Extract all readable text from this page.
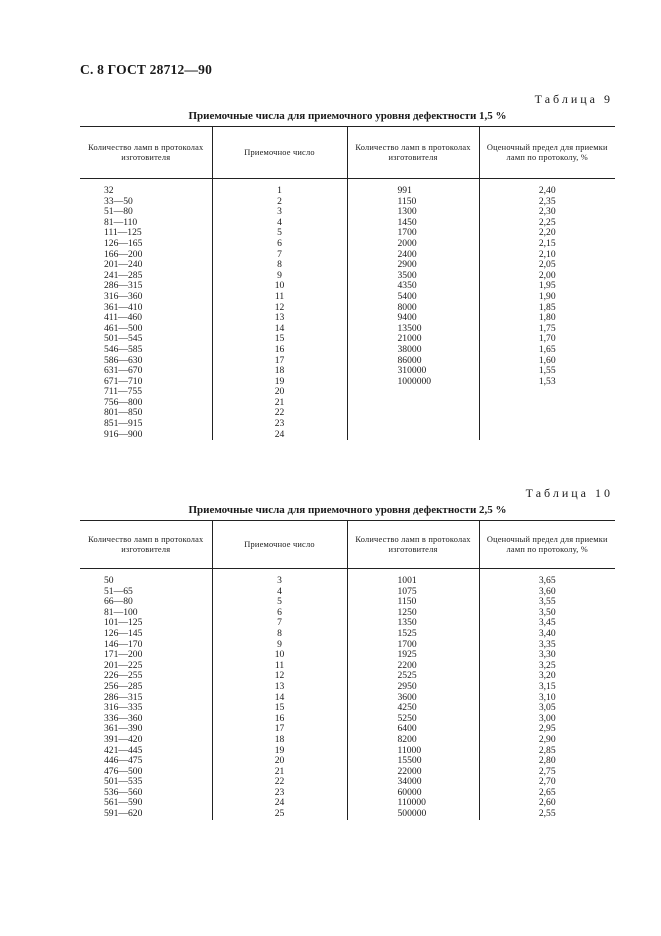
С. 8 ГОСТ 28712—90
Таблица 9
Приемочные числа для приемочного уровня дефектности 1,5 %
Количество ламп в протоколах изготовителя	Приемочное число	Количество ламп в протоколах изготовителя	Оценочный предел для приемки ламп по протоколу, %
32	1	991	2,40
33—50	2	1150	2,35
51—80	3	1300	2,30
81—110	4	1450	2,25
111—125	5	1700	2,20
126—165	6	2000	2,15
166—200	7	2400	2,10
201—240	8	2900	2,05
241—285	9	3500	2,00
286—315	10	4350	1,95
316—360	11	5400	1,90
361—410	12	8000	1,85
411—460	13	9400	1,80
461—500	14	13500	1,75
501—545	15	21000	1,70
546—585	16	38000	1,65
586—630	17	86000	1,60
631—670	18	310000	1,55
671—710	19	1000000	1,53
711—755	20		
756—800	21		
801—850	22		
851—915	23		
916—900	24		
Таблица 10
Приемочные числа для приемочного уровня дефектности 2,5 %
Количество ламп в протоколах изготовителя	Приемочное число	Количество ламп в протоколах изготовителя	Оценочный предел для приемки ламп по протоколу, %
50	3	1001	3,65
51—65	4	1075	3,60
66—80	5	1150	3,55
81—100	6	1250	3,50
101—125	7	1350	3,45
126—145	8	1525	3,40
146—170	9	1700	3,35
171—200	10	1925	3,30
201—225	11	2200	3,25
226—255	12	2525	3,20
256—285	13	2950	3,15
286—315	14	3600	3,10
316—335	15	4250	3,05
336—360	16	5250	3,00
361—390	17	6400	2,95
391—420	18	8200	2,90
421—445	19	11000	2,85
446—475	20	15500	2,80
476—500	21	22000	2,75
501—535	22	34000	2,70
536—560	23	60000	2,65
561—590	24	110000	2,60
591—620	25	500000	2,55
